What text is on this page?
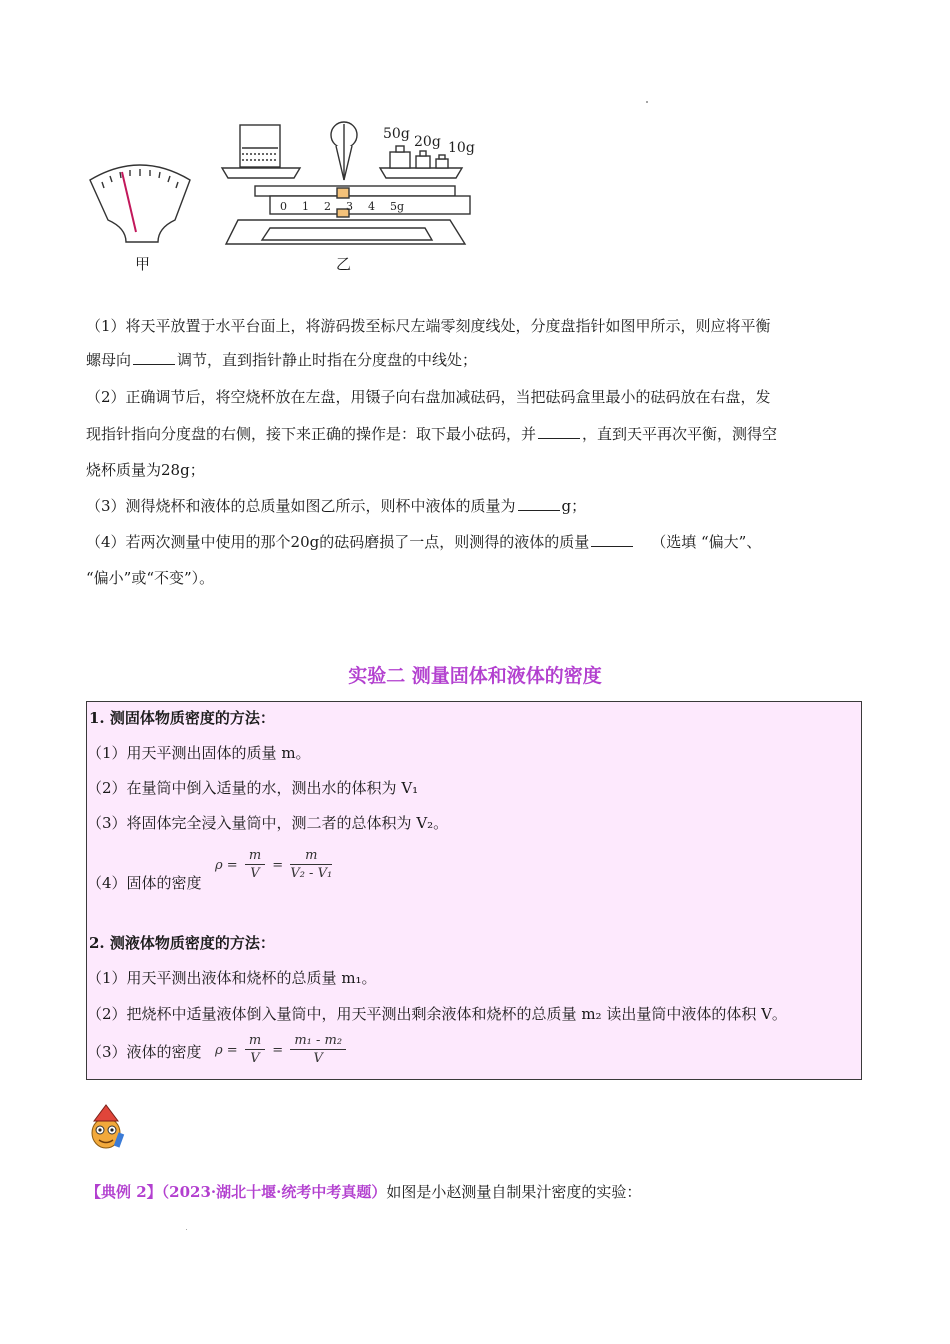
50g 20g 10g
0 1 2 3 4 5g
甲	乙
（1）将天平放置于水平台面上，将游码拨至标尺左端零刻度线处，分度盘指针如图甲所示，则应将平衡
螺母向	调节，直到指针静止时指在分度盘的中线处；
（2）正确调节后，将空烧杯放在左盘，用镊子向右盘加减砝码，当把砝码盒里最小的砝码放在右盘，发
现指针指向分度盘的右侧，接下来正确的操作是：取下最小砝码，并	，直到天平再次平衡，测得空
烧杯质量为28g；
（3）测得烧杯和液体的总质量如图乙所示，则杯中液体的质量为	g；
（4）若两次测量中使用的那个20g的砝码磨损了一点，则测得的液体的质量	（选填 “偏大”、
“偏小”或“不变”）。
实验二 测量固体和液体的密度
1. 测固体物质密度的方法：
（1）用天平测出固体的质量 m。
（2）在量筒中倒入适量的水，测出水的体积为 V₁
（3）将固体完全浸入量筒中，测二者的总体积为 V₂。
（4）固体的密度
$\rho = \frac{m}{V} = \frac{m}{\text{V₂ - V₁}}$
2. 测液体物质密度的方法：
（1）用天平测出液体和烧杯的总质量 m₁。
（2）把烧杯中适量液体倒入量筒中，用天平测出剩余液体和烧杯的总质量 m₂ 读出量筒中液体的体积 V。
（3）液体的密度 $\rho = \frac{m}{V} = \frac{\text{m₁ - m₂}}{V}$
【典例 2】（2023·湖北十堰·统考中考真题）如图是小赵测量自制果汁密度的实验：
